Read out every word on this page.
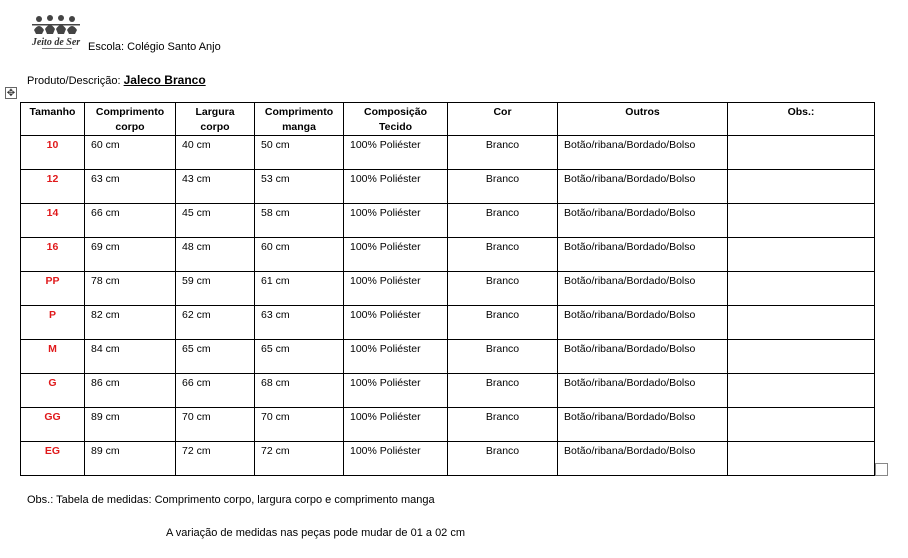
Jeito de Ser Escola: Colégio Santo Anjo
Produto/Descrição: Jaleco Branco
✥
Tamanho	Comprimento corpo	Largura corpo	Comprimento manga	Composição Tecido	Cor	Outros	Obs.:
10	60 cm	40 cm	50 cm	100% Poliéster	Branco	Botão/ribana/Bordado/Bolso	
12	63 cm	43 cm	53 cm	100% Poliéster	Branco	Botão/ribana/Bordado/Bolso	
14	66 cm	45 cm	58 cm	100% Poliéster	Branco	Botão/ribana/Bordado/Bolso	
16	69 cm	48 cm	60 cm	100% Poliéster	Branco	Botão/ribana/Bordado/Bolso	
PP	78 cm	59 cm	61 cm	100% Poliéster	Branco	Botão/ribana/Bordado/Bolso	
P	82 cm	62 cm	63 cm	100% Poliéster	Branco	Botão/ribana/Bordado/Bolso	
M	84 cm	65 cm	65 cm	100% Poliéster	Branco	Botão/ribana/Bordado/Bolso	
G	86 cm	66 cm	68 cm	100% Poliéster	Branco	Botão/ribana/Bordado/Bolso	
GG	89 cm	70 cm	70 cm	100% Poliéster	Branco	Botão/ribana/Bordado/Bolso	
EG	89 cm	72 cm	72 cm	100% Poliéster	Branco	Botão/ribana/Bordado/Bolso	
Obs.: Tabela de medidas: Comprimento corpo, largura corpo e comprimento manga
A variação de medidas nas peças pode mudar de 01 a 02 cm
